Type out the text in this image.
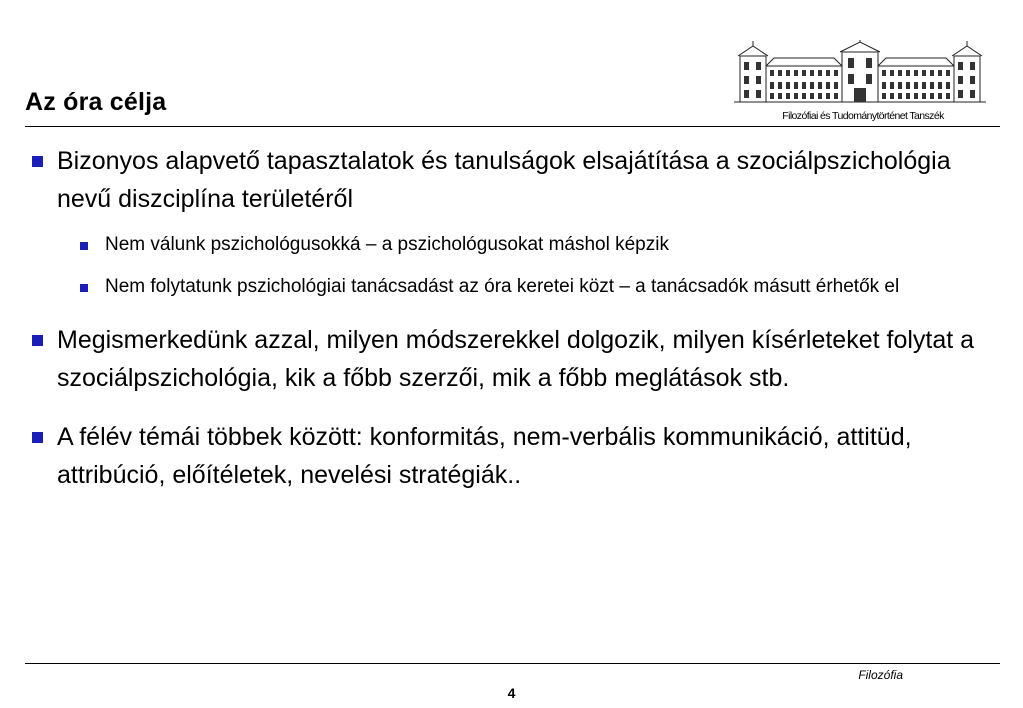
Az óra célja	Filozófiai és Tudománytörténet Tanszék
Bizonyos alapvető tapasztalatok és tanulságok elsajátítása a szociálpszichológia nevű diszciplína területéről
Nem válunk pszichológusokká – a pszichológusokat máshol képzik
Nem folytatunk pszichológiai tanácsadást az óra keretei közt – a tanácsadók másutt érhetők el
Megismerkedünk azzal, milyen módszerekkel dolgozik, milyen kísérleteket folytat a szociálpszichológia, kik a főbb szerzői, mik a főbb meglátások stb.
A félév témái többek között: konformitás, nem-verbális kommunikáció, attitüd, attribúció, előítéletek, nevelési stratégiák..
Filozófia
4
